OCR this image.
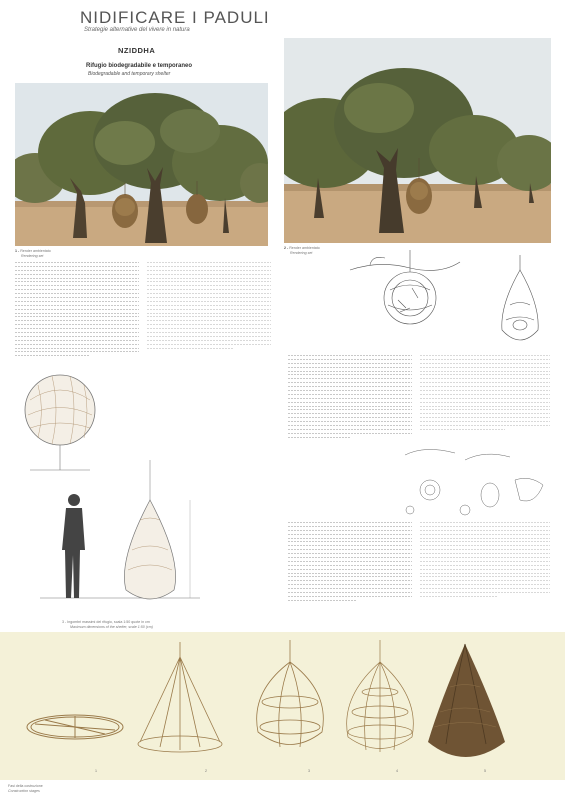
NIDIFICARE I PADULI
Strategie alternative del vivere in natura
NZIDDHA
Rifugio biodegradabile e temporaneo
Biodegradable and temporary shelter
1 - Render ambientato
Rendering set
2 - Render ambientato
Rendering set
3 - Ingombri massimi del rifugio, scala 1:50 quote in cm
Maximum dimensions of the shelter, scale 1:50 (cm)
1	2	3	4	5
Fasi della costruzione
Construction stages
